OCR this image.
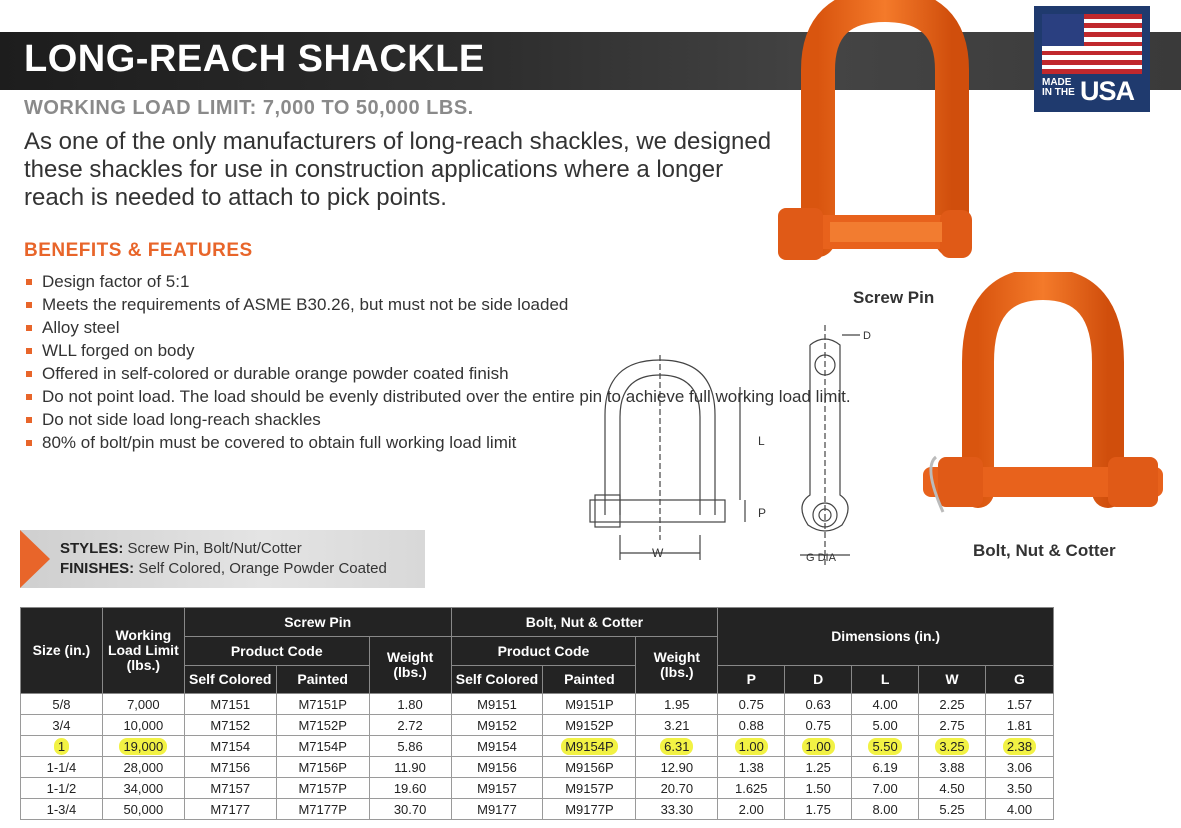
LONG-REACH SHACKLE
WORKING LOAD LIMIT: 7,000 TO 50,000 LBS.
As one of the only manufacturers of long-reach shackles, we designed these shackles for use in construction applications where a longer reach is needed to attach to pick points.
MADE
IN THE USA
Screw Pin
Bolt, Nut & Cotter
D
L
P
W	G DIA
BENEFITS & FEATURES
Design factor of 5:1
Meets the requirements of ASME B30.26, but must not be side loaded
Alloy steel
WLL forged on body
Offered in self-colored or durable orange powder coated finish
Do not point load. The load should be evenly distributed over the entire pin to achieve full working load limit.
Do not side load long-reach shackles
80% of bolt/pin must be covered to obtain full working load limit
STYLES: Screw Pin, Bolt/Nut/Cotter
FINISHES: Self Colored, Orange Powder Coated
Size (in.)	Working Load Limit (lbs.)	Screw Pin			Bolt, Nut & Cotter			Dimensions (in.)				
		Product Code		Weight (lbs.)	Product Code		Weight (lbs.)					
		Self Colored	Painted		Self Colored	Painted		P	D	L	W	G
5/8	7,000	M7151	M7151P	1.80	M9151	M9151P	1.95	0.75	0.63	4.00	2.25	1.57
3/4	10,000	M7152	M7152P	2.72	M9152	M9152P	3.21	0.88	0.75	5.00	2.75	1.81
1	19,000	M7154	M7154P	5.86	M9154	M9154P	6.31	1.00	1.00	5.50	3.25	2.38
1-1/4	28,000	M7156	M7156P	11.90	M9156	M9156P	12.90	1.38	1.25	6.19	3.88	3.06
1-1/2	34,000	M7157	M7157P	19.60	M9157	M9157P	20.70	1.625	1.50	7.00	4.50	3.50
1-3/4	50,000	M7177	M7177P	30.70	M9177	M9177P	33.30	2.00	1.75	8.00	5.25	4.00
